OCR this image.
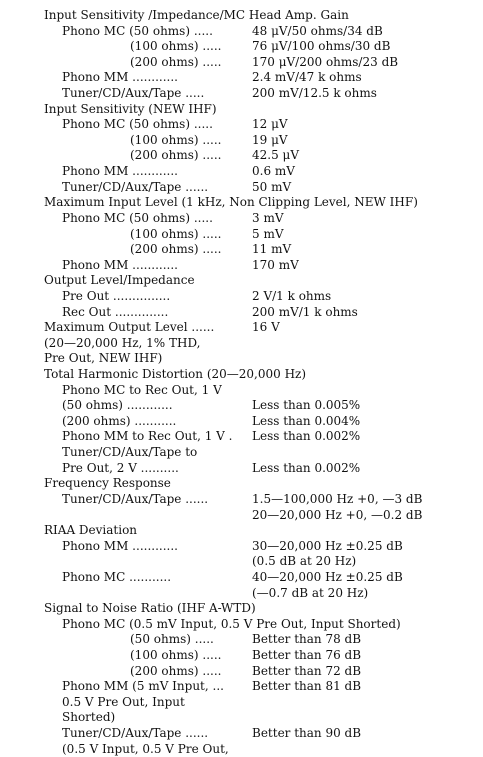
Input Sensitivity /Impedance/MC Head Amp. Gain
Phono MC (50 ohms) .....	48 μV/50 ohms/34 dB
(100 ohms) .....	76 μV/100 ohms/30 dB
(200 ohms) .....	170 μV/200 ohms/23 dB
Phono MM ............	2.4 mV/47 k ohms
Tuner/CD/Aux/Tape .....	200 mV/12.5 k ohms
Input Sensitivity (NEW IHF)
Phono MC (50 ohms) .....	12 μV
(100 ohms) .....	19 μV
(200 ohms) .....	42.5 μV
Phono MM ............	0.6 mV
Tuner/CD/Aux/Tape ......	50 mV
Maximum Input Level (1 kHz, Non Clipping Level, NEW IHF)
Phono MC (50 ohms) .....	3 mV
(100 ohms) .....	5 mV
(200 ohms) .....	11 mV
Phono MM ............	170 mV
Output Level/Impedance
Pre Out ...............	2 V/1 k ohms
Rec Out ..............	200 mV/1 k ohms
Maximum Output Level ......	16 V
(20—20,000 Hz, 1% THD,
Pre Out, NEW IHF)
Total Harmonic Distortion (20—20,000 Hz)
Phono MC to Rec Out, 1 V
(50 ohms) ............	Less than 0.005%
(200 ohms) ...........	Less than 0.004%
Phono MM to Rec Out, 1 V . Less than 0.002%
Tuner/CD/Aux/Tape to
Pre Out, 2 V ..........	Less than 0.002%
Frequency Response
Tuner/CD/Aux/Tape ......	1.5—100,000 Hz +0, —3 dB
20—20,000 Hz +0, —0.2 dB
RIAA Deviation
Phono MM ............	30—20,000 Hz ±0.25 dB
(0.5 dB at 20 Hz)
Phono MC ...........	40—20,000 Hz ±0.25 dB
(—0.7 dB at 20 Hz)
Signal to Noise Ratio (IHF A-WTD)
Phono MC (0.5 mV Input, 0.5 V Pre Out, Input Shorted)
(50 ohms) .....	Better than 78 dB
(100 ohms) .....	Better than 76 dB
(200 ohms) .....	Better than 72 dB
Phono MM (5 mV Input, ... Better than 81 dB
0.5 V Pre Out, Input
Shorted)
Tuner/CD/Aux/Tape ......	Better than 90 dB
(0.5 V Input, 0.5 V Pre Out,
